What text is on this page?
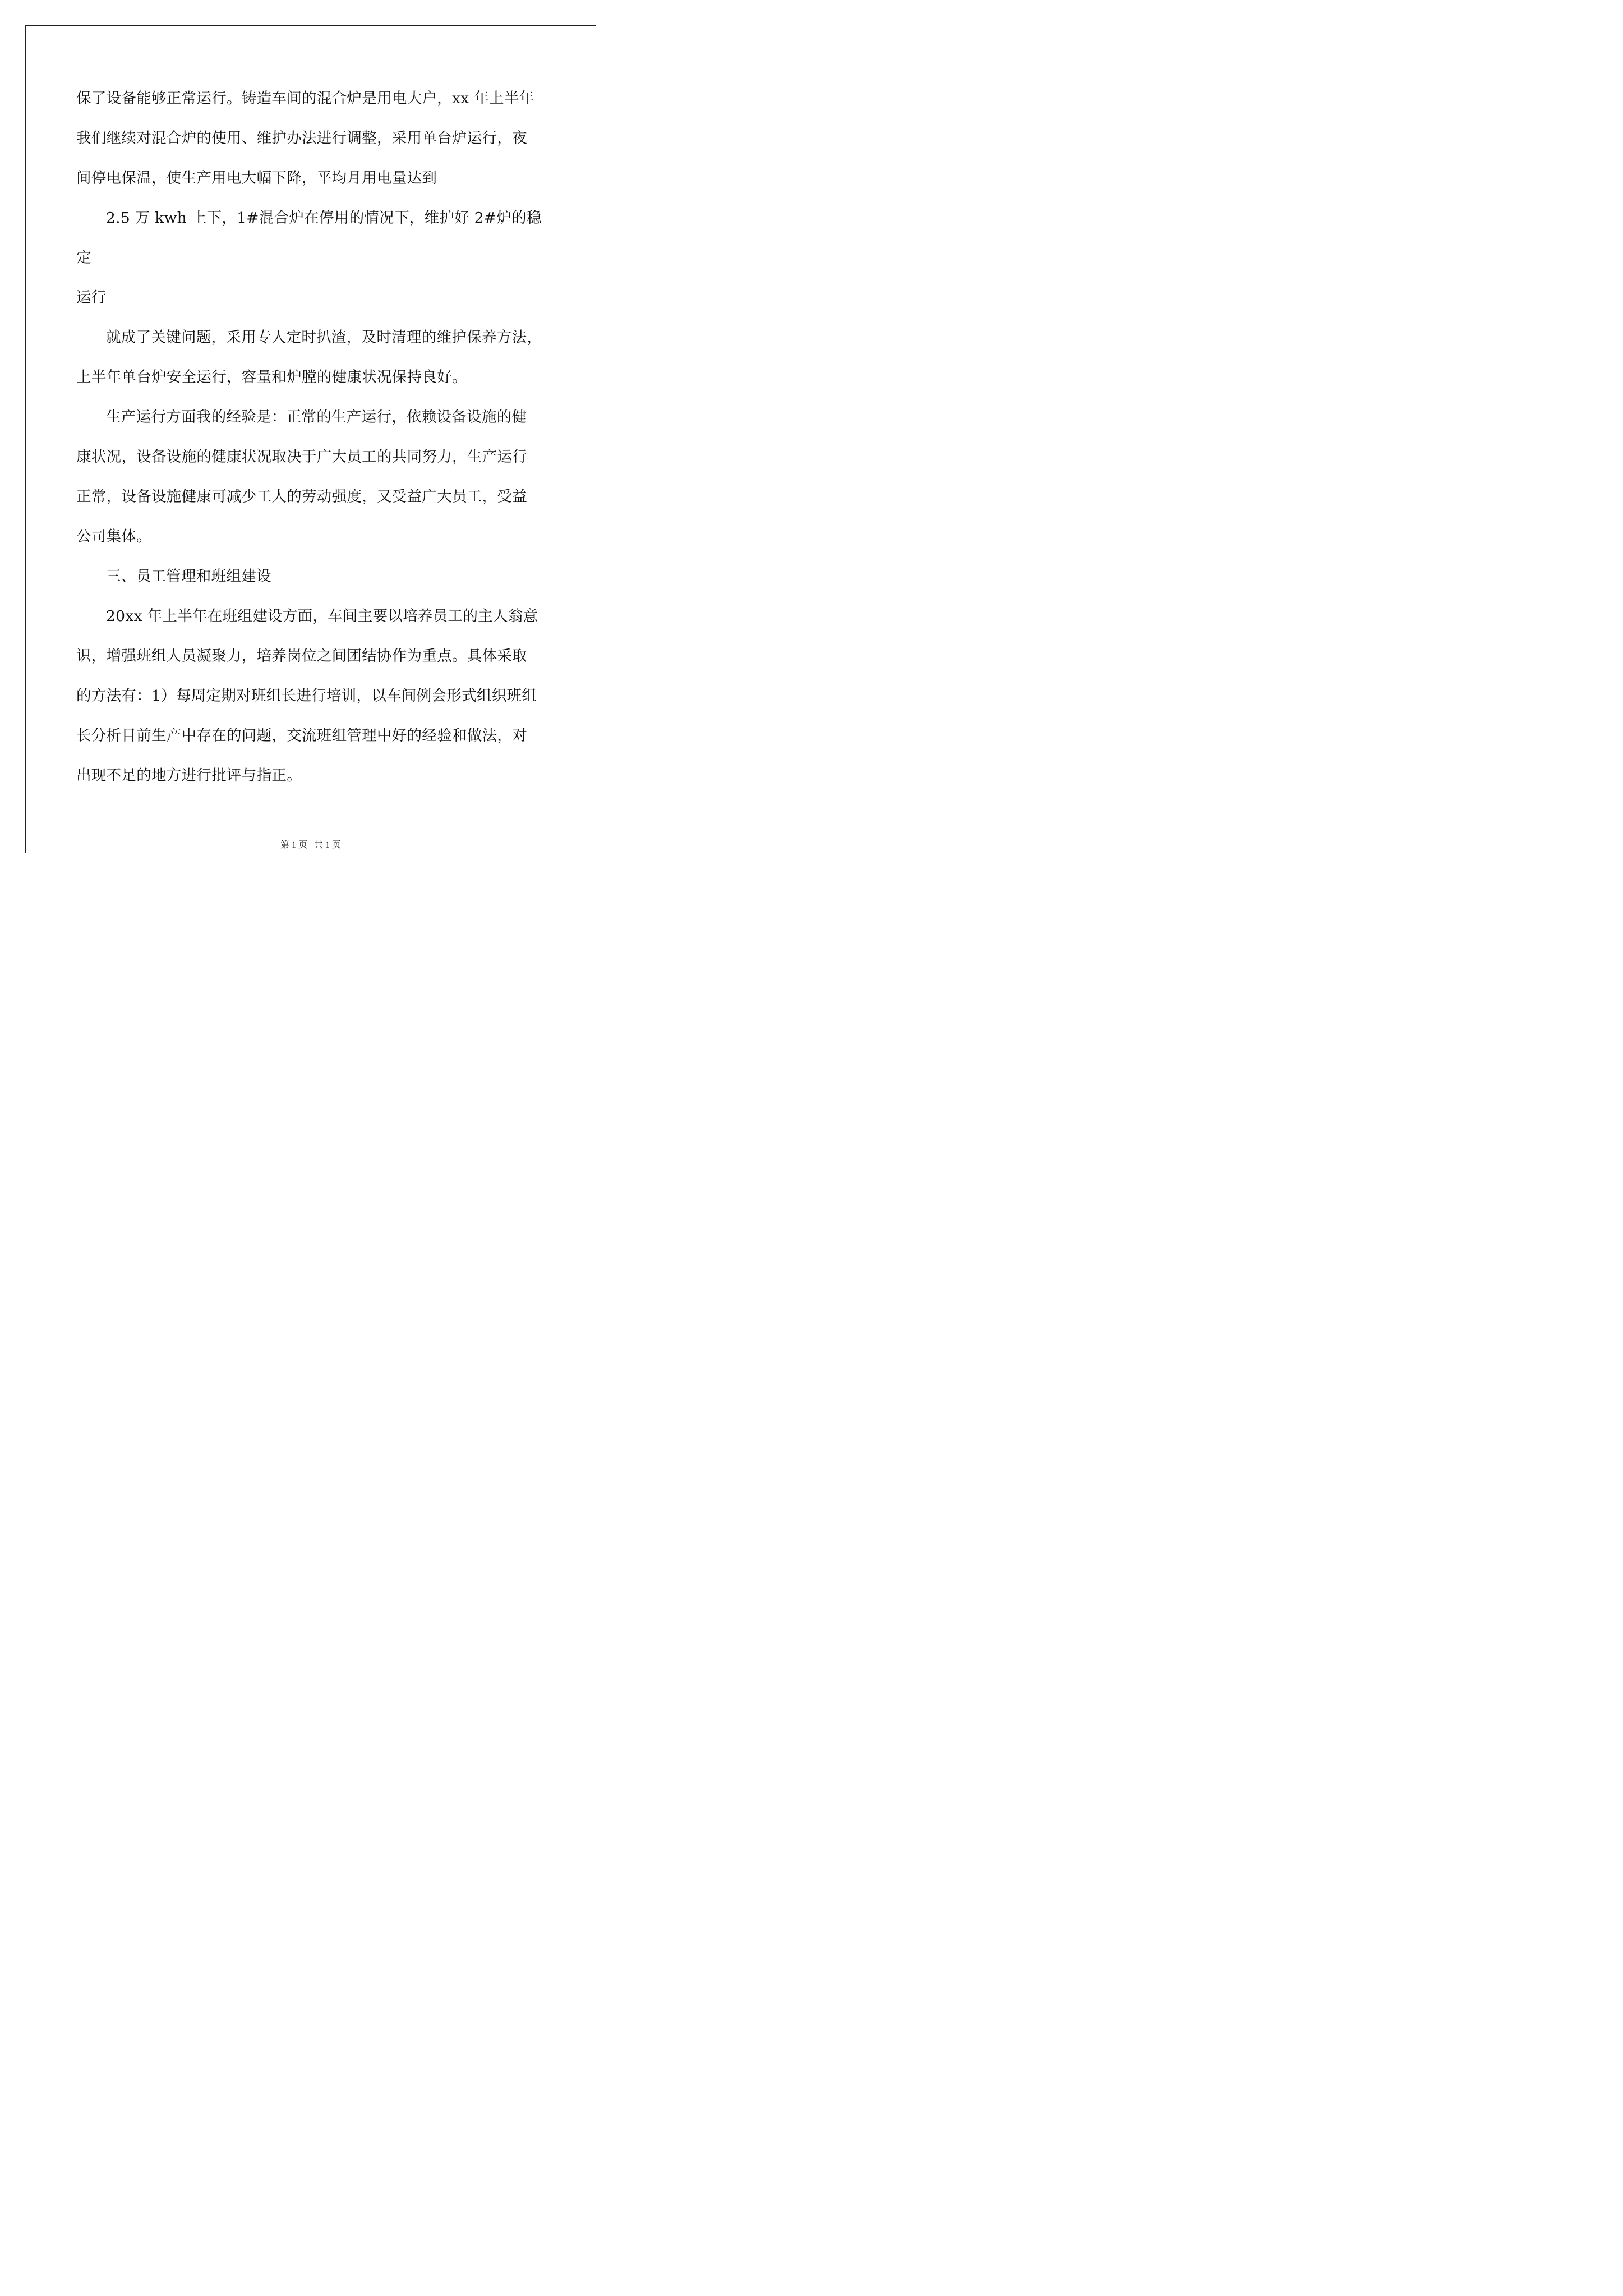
保了设备能够正常运行。铸造车间的混合炉是用电大户，xx 年上半年
我们继续对混合炉的使用、维护办法进行调整，采用单台炉运行，夜
间停电保温，使生产用电大幅下降，平均月用电量达到

2.5 万 kwh 上下，1#混合炉在停用的情况下，维护好 2#炉的稳定
运行

就成了关键问题，采用专人定时扒渣，及时清理的维护保养方法，
上半年单台炉安全运行，容量和炉膛的健康状况保持良好。

生产运行方面我的经验是：正常的生产运行，依赖设备设施的健
康状况，设备设施的健康状况取决于广大员工的共同努力，生产运行
正常，设备设施健康可减少工人的劳动强度，又受益广大员工，受益
公司集体。

三、员工管理和班组建设

20xx 年上半年在班组建设方面，车间主要以培养员工的主人翁意
识，增强班组人员凝聚力，培养岗位之间团结协作为重点。具体采取
的方法有：1）每周定期对班组长进行培训，以车间例会形式组织班组
长分析目前生产中存在的问题，交流班组管理中好的经验和做法，对
出现不足的地方进行批评与指正。

第 1 页 共 1 页
